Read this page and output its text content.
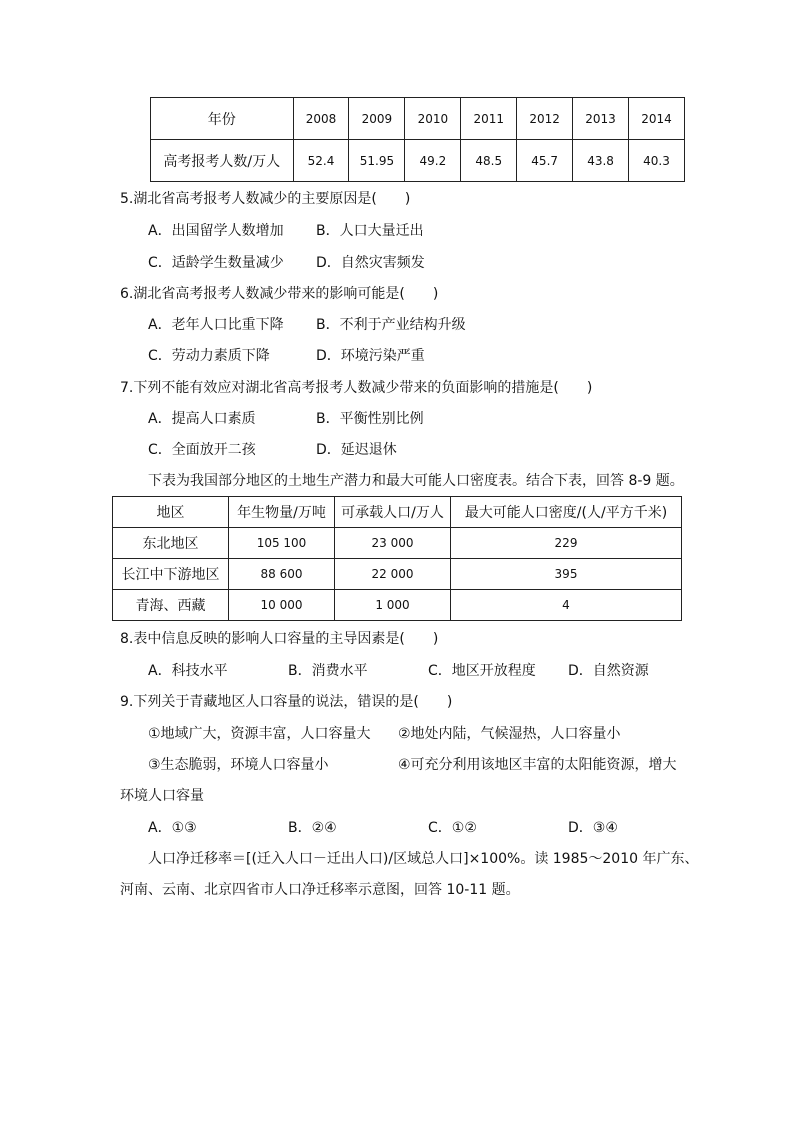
年份	2008	2009	2010	2011	2012	2013	2014
高考报考人数/万人	52.4	51.95	49.2	48.5	45.7	43.8	40.3
5.湖北省高考报考人数减少的主要原因是(　　)
A．出国留学人数增加 B．人口大量迁出
C．适龄学生数量减少 D．自然灾害频发
6.湖北省高考报考人数减少带来的影响可能是(　　)
A．老年人口比重下降 B．不利于产业结构升级
C．劳动力素质下降	D．环境污染严重
7.下列不能有效应对湖北省高考报考人数减少带来的负面影响的措施是(　　)
A．提高人口素质	B．平衡性别比例
C．全面放开二孩	D．延迟退休
下表为我国部分地区的土地生产潜力和最大可能人口密度表。结合下表，回答 8-9 题。
地区	年生物量/万吨	可承载人口/万人	最大可能人口密度/(人/平方千米)
东北地区	105 100	23 000	229
长江中下游地区	88 600	22 000	395
青海、西藏	10 000	1 000	4
8.表中信息反映的影响人口容量的主导因素是(　　)
A．科技水平	B．消费水平	C．地区开放程度 D．自然资源
9.下列关于青藏地区人口容量的说法，错误的是(　　)
①地域广大，资源丰富，人口容量大 ②地处内陆，气候湿热，人口容量小
③生态脆弱，环境人口容量小	④可充分利用该地区丰富的太阳能资源，增大
环境人口容量
A．①③	B．②④	C．①②	D．③④
人口净迁移率＝[(迁入人口－迁出人口)/区域总人口]×100%。读 1985～2010 年广东、
河南、云南、北京四省市人口净迁移率示意图，回答 10-11 题。
